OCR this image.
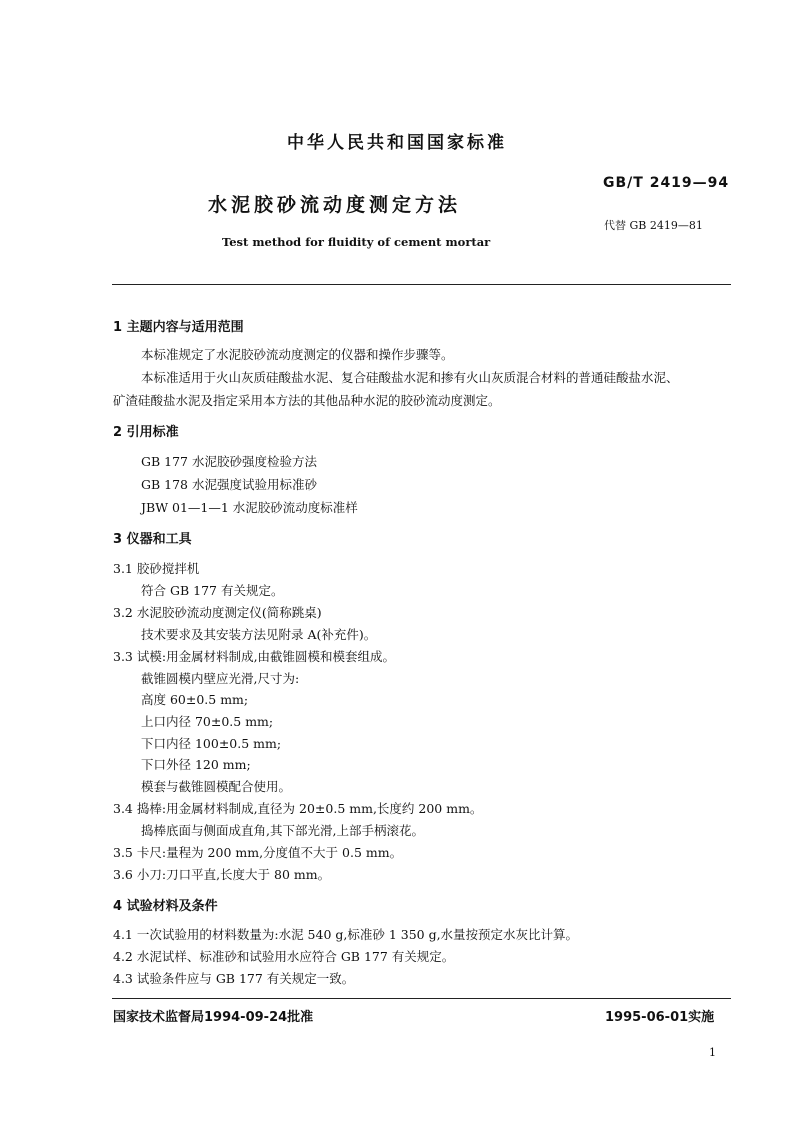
中华人民共和国国家标准
GB/T 2419—94
水泥胶砂流动度测定方法
代替 GB 2419—81
Test method for fluidity of cement mortar
1 主题内容与适用范围
本标准规定了水泥胶砂流动度测定的仪器和操作步骤等。
本标准适用于火山灰质硅酸盐水泥、复合硅酸盐水泥和掺有火山灰质混合材料的普通硅酸盐水泥、
矿渣硅酸盐水泥及指定采用本方法的其他品种水泥的胶砂流动度测定。
2 引用标准
GB 177 水泥胶砂强度检验方法
GB 178 水泥强度试验用标准砂
JBW 01—1—1 水泥胶砂流动度标准样
3 仪器和工具
3.1 胶砂搅拌机
符合 GB 177 有关规定。
3.2 水泥胶砂流动度测定仪(简称跳桌)
技术要求及其安装方法见附录 A(补充件)。
3.3 试模:用金属材料制成,由截锥圆模和模套组成。
截锥圆模内壁应光滑,尺寸为:
高度 60±0.5 mm;
上口内径 70±0.5 mm;
下口内径 100±0.5 mm;
下口外径 120 mm;
模套与截锥圆模配合使用。
3.4 捣棒:用金属材料制成,直径为 20±0.5 mm,长度约 200 mm。
捣棒底面与侧面成直角,其下部光滑,上部手柄滚花。
3.5 卡尺:量程为 200 mm,分度值不大于 0.5 mm。
3.6 小刀:刀口平直,长度大于 80 mm。
4 试验材料及条件
4.1 一次试验用的材料数量为:水泥 540 g,标准砂 1 350 g,水量按预定水灰比计算。
4.2 水泥试样、标准砂和试验用水应符合 GB 177 有关规定。
4.3 试验条件应与 GB 177 有关规定一致。
国家技术监督局1994-09-24批准	1995-06-01实施
1
